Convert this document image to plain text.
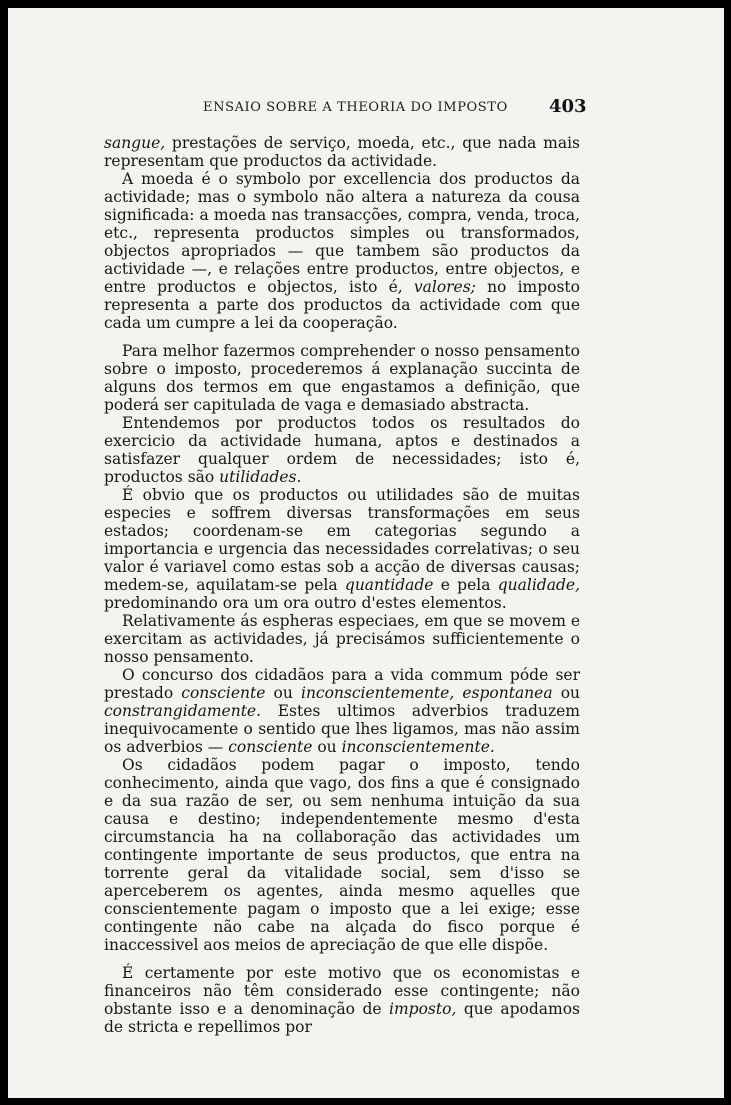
ENSAIO SOBRE A THEORIA DO IMPOSTO 403

sangue, prestações de serviço, moeda, etc., que nada mais representam que productos da actividade.

A moeda é o symbolo por excellencia dos productos da actividade; mas o symbolo não altera a natureza da cousa significada: a moeda nas transacções, compra, venda, troca, etc., representa productos simples ou transformados, objectos apropriados — que tambem são productos da actividade —, e relações entre productos, entre objectos, e entre productos e objectos, isto é, valores; no imposto representa a parte dos productos da actividade com que cada um cumpre a lei da cooperação.

Para melhor fazermos comprehender o nosso pensamento sobre o imposto, procederemos á explanação succinta de alguns dos termos em que engastamos a definição, que poderá ser capitulada de vaga e demasiado abstracta.

Entendemos por productos todos os resultados do exercicio da actividade humana, aptos e destinados a satisfazer qualquer ordem de necessidades; isto é, productos são utilidades.

É obvio que os productos ou utilidades são de muitas especies e soffrem diversas transformações em seus estados; coordenam-se em categorias segundo a importancia e urgencia das necessidades correlativas; o seu valor é variavel como estas sob a acção de diversas causas; medem-se, aquilatam-se pela quantidade e pela qualidade, predominando ora um ora outro d'estes elementos.

Relativamente ás espheras especiaes, em que se movem e exercitam as actividades, já precisámos sufficientemente o nosso pensamento.

O concurso dos cidadãos para a vida commum póde ser prestado consciente ou inconscientemente, espontanea ou constrangidamente. Estes ultimos adverbios traduzem inequivocamente o sentido que lhes ligamos, mas não assim os adverbios — consciente ou inconscientemente.

Os cidadãos podem pagar o imposto, tendo conhecimento, ainda que vago, dos fins a que é consignado e da sua razão de ser, ou sem nenhuma intuição da sua causa e destino; independentemente mesmo d'esta circumstancia ha na collaboração das actividades um contingente importante de seus productos, que entra na torrente geral da vitalidade social, sem d'isso se aperceberem os agentes, ainda mesmo aquelles que conscientemente pagam o imposto que a lei exige; esse contingente não cabe na alçada do fisco porque é inaccessivel aos meios de apreciação de que elle dispõe.

É certamente por este motivo que os economistas e financeiros não têm considerado esse contingente; não obstante isso e a denominação de imposto, que apodamos de stricta e repellimos por
